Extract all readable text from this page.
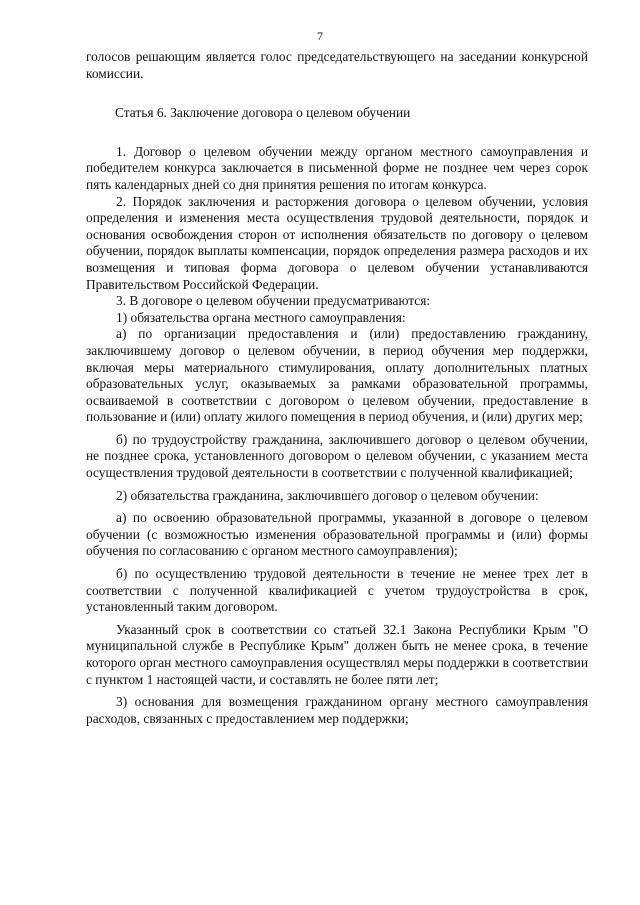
7

голосов решающим является голос председательствующего на заседании конкурсной комиссии.

Статья 6. Заключение договора о целевом обучении

1. Договор о целевом обучении между органом местного самоуправления и победителем конкурса заключается в письменной форме не позднее чем через сорок пять календарных дней со дня принятия решения по итогам конкурса.

2. Порядок заключения и расторжения договора о целевом обучении, условия определения и изменения места осуществления трудовой деятельности, порядок и основания освобождения сторон от исполнения обязательств по договору о целевом обучении, порядок выплаты компенсации, порядок определения размера расходов и их возмещения и типовая форма договора о целевом обучении устанавливаются Правительством Российской Федерации.

3. В договоре о целевом обучении предусматриваются:

1) обязательства органа местного самоуправления:

а) по организации предоставления и (или) предоставлению гражданину, заключившему договор о целевом обучении, в период обучения мер поддержки, включая меры материального стимулирования, оплату дополнительных платных образовательных услуг, оказываемых за рамками образовательной программы, осваиваемой в соответствии с договором о целевом обучении, предоставление в пользование и (или) оплату жилого помещения в период обучения, и (или) других мер;

б) по трудоустройству гражданина, заключившего договор о целевом обучении, не позднее срока, установленного договором о целевом обучении, с указанием места осуществления трудовой деятельности в соответствии с полученной квалификацией;

2) обязательства гражданина, заключившего договор о целевом обучении:

а) по освоению образовательной программы, указанной в договоре о целевом обучении (с возможностью изменения образовательной программы и (или) формы обучения по согласованию с органом местного самоуправления);

б) по осуществлению трудовой деятельности в течение не менее трех лет в соответствии с полученной квалификацией с учетом трудоустройства в срок, установленный таким договором.

Указанный срок в соответствии со статьей 32.1 Закона Республики Крым "О муниципальной службе в Республике Крым" должен быть не менее срока, в течение которого орган местного самоуправления осуществлял меры поддержки в соответствии с пунктом 1 настоящей части, и составлять не более пяти лет;

3) основания для возмещения гражданином органу местного самоуправления расходов, связанных с предоставлением мер поддержки;
